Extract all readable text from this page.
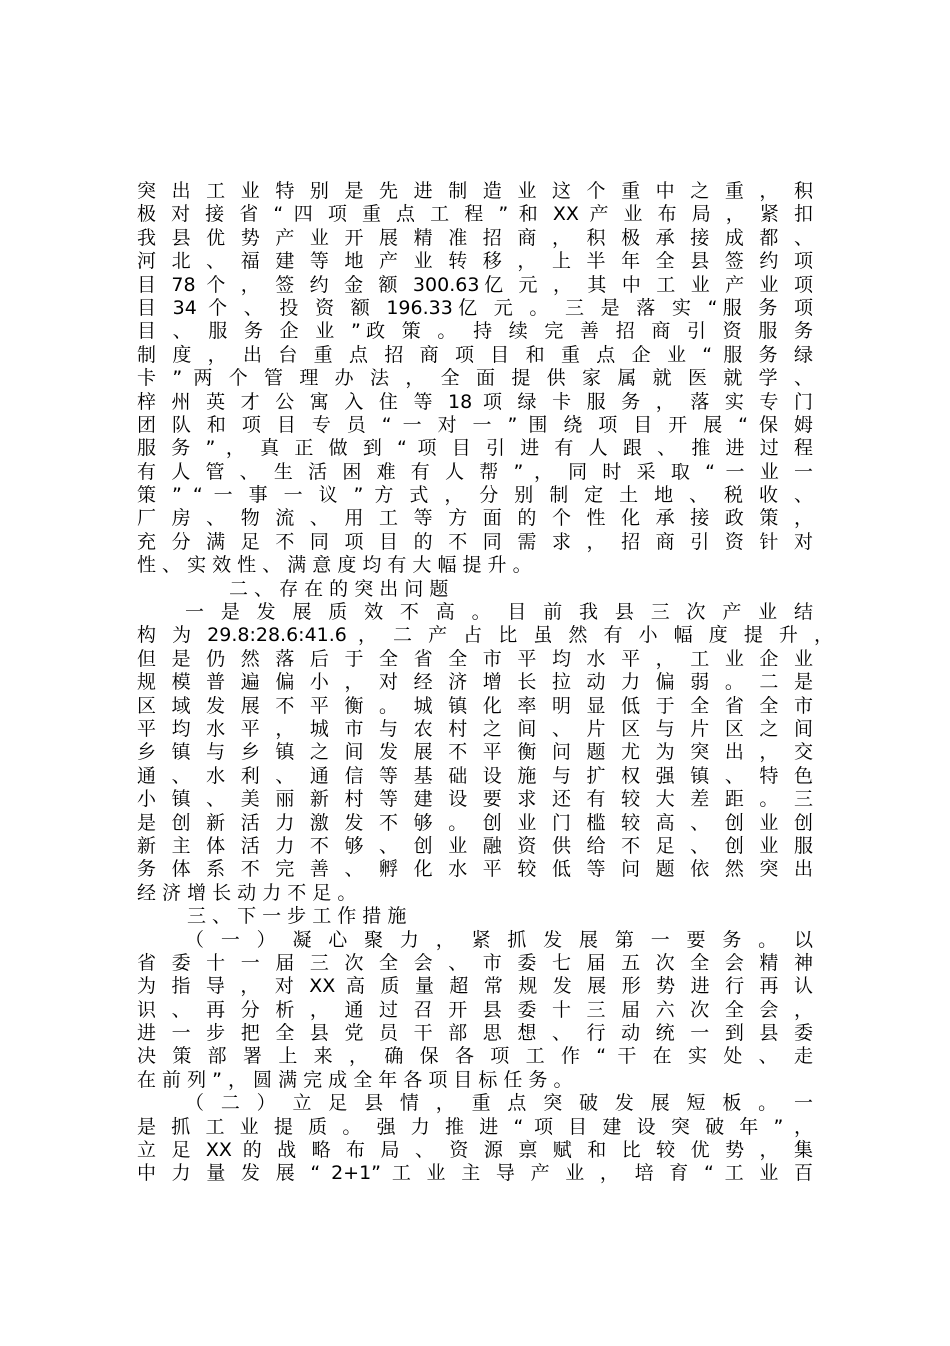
突 出 工 业 特 别 是 先 进 制 造 业 这 个 重 中 之 重 ， 积
极 对 接 省 “ 四 项 重 点 工 程 ” 和 XX 产 业 布 局 ， 紧 扣
我 县 优 势 产 业 开 展 精 准 招 商 ， 积 极 承 接 成 都 、
河 北 、 福 建 等 地 产 业 转 移 ， 上 半 年 全 县 签 约 项
目 78 个 ， 签 约 金 额 300.63亿 元 ， 其 中 工 业 产 业 项
目 34 个 、 投 资 额 196.33亿 元 。 三 是 落 实 “服 务 项
目 、 服 务 企 业 ”政 策 。 持 续 完 善 招 商 引 资 服 务
制 度 ， 出 台 重 点 招 商 项 目 和 重 点 企 业 “ 服 务 绿
卡 ” 两 个 管 理 办 法 ， 全 面 提 供 家 属 就 医 就 学 、
梓 州 英 才 公 寓 入 住 等 18 项 绿 卡 服 务 ， 落 实 专 门
团 队 和 项 目 专 员 “ 一 对 一 ” 围 绕 项 目 开 展 “ 保 姆
服 务 ” ， 真 正 做 到 “ 项 目 引 进 有 人 跟 、 推 进 过 程
有 人 管 、 生 活 困 难 有 人 帮 ” ， 同 时 采 取 “ 一 业 一
策 ” “ 一 事 一 议 ” 方 式 ， 分 别 制 定 土 地 、 税 收 、
厂 房 、 物 流 、 用 工 等 方 面 的 个 性 化 承 接 政 策 ，
充 分 满 足 不 同 项 目 的 不 同 需 求 ， 招 商 引 资 针 对
性 、 实 效 性 、 满 意 度 均 有 大 幅 提 升 。
二 、 存 在 的 突 出 问 题
一 是 发 展 质 效 不 高 。 目 前 我 县 三 次 产 业 结
构 为 29.8:28.6:41.6 ， 二 产 占 比 虽 然 有 小 幅 度 提 升 ，
但 是 仍 然 落 后 于 全 省 全 市 平 均 水 平 ， 工 业 企 业
规 模 普 遍 偏 小 ， 对 经 济 增 长 拉 动 力 偏 弱 。 二 是
区 域 发 展 不 平 衡 。 城 镇 化 率 明 显 低 于 全 省 全 市
平 均 水 平 ， 城 市 与 农 村 之 间 、 片 区 与 片 区 之 间
乡 镇 与 乡 镇 之 间 发 展 不 平 衡 问 题 尤 为 突 出 ， 交
通 、 水 利 、 通 信 等 基 础 设 施 与 扩 权 强 镇 、 特 色
小 镇 、 美 丽 新 村 等 建 设 要 求 还 有 较 大 差 距 。 三
是 创 新 活 力 激 发 不 够 。 创 业 门 槛 较 高 、 创 业 创
新 主 体 活 力 不 够 、 创 业 融 资 供 给 不 足 、 创 业 服
务 体 系 不 完 善 、 孵 化 水 平 较 低 等 问 题 依 然 突 出
经 济 增 长 动 力 不 足 。
三 、 下 一 步 工 作 措 施
（ 一 ） 凝 心 聚 力 ， 紧 抓 发 展 第 一 要 务 。 以
省 委 十 一 届 三 次 全 会 、 市 委 七 届 五 次 全 会 精 神
为 指 导 ， 对 XX 高 质 量 超 常 规 发 展 形 势 进 行 再 认
识 、 再 分 析 ， 通 过 召 开 县 委 十 三 届 六 次 全 会 ，
进 一 步 把 全 县 党 员 干 部 思 想 、 行 动 统 一 到 县 委
决 策 部 署 上 来 ， 确 保 各 项 工 作 “ 干 在 实 处 、 走
在 前 列 ” ， 圆 满 完 成 全 年 各 项 目 标 任 务 。
（ 二 ） 立 足 县 情 ， 重 点 突 破 发 展 短 板 。 一
是 抓 工 业 提 质 。 强 力 推 进 “ 项 目 建 设 突 破 年 ” ，
立 足 XX 的 战 略 布 局 、 资 源 禀 赋 和 比 较 优 势 ， 集
中 力 量 发 展 “ 2+1” 工 业 主 导 产 业 ， 培 育 “ 工 业 百
